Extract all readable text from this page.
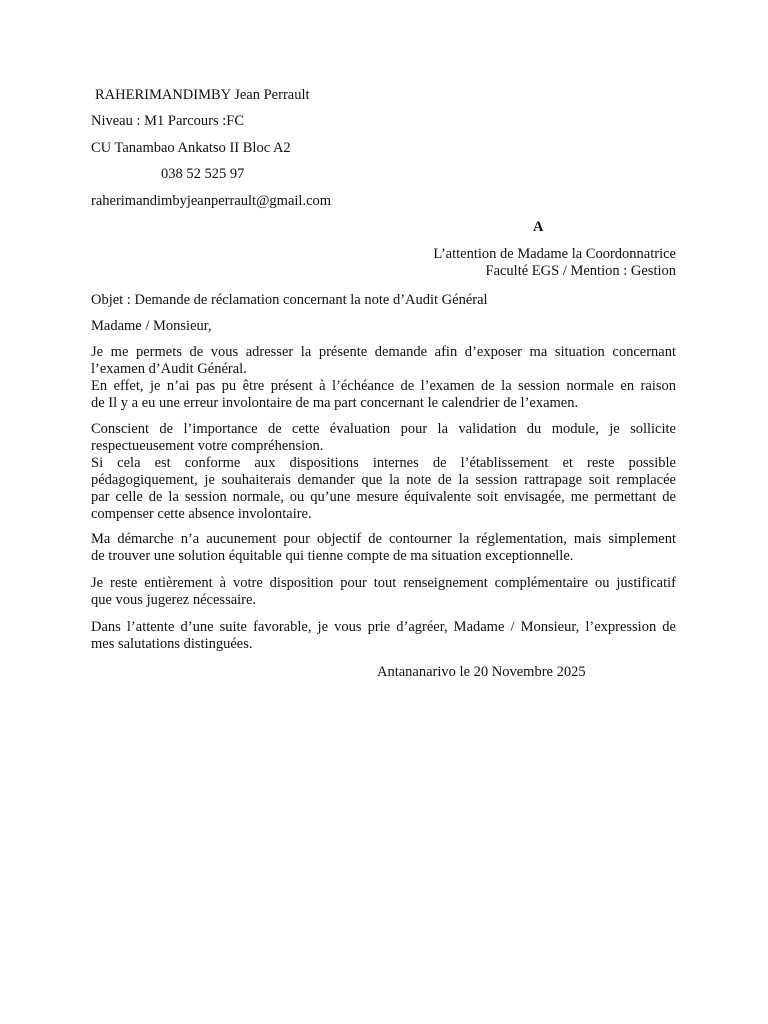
RAHERIMANDIMBY Jean Perrault
Niveau : M1 Parcours :FC
CU Tanambao Ankatso II Bloc A2
038 52 525 97
raherimandimbyjeanperrault@gmail.com
A
L’attention de Madame la Coordonnatrice
Faculté EGS / Mention : Gestion
Objet : Demande de réclamation concernant la note d’Audit Général
Madame / Monsieur,
Je me permets de vous adresser la présente demande afin d’exposer ma situation concernant
l’examen d’Audit Général.
En effet, je n’ai pas pu être présent à l’échéance de l’examen de la session normale en raison
de Il y a eu une erreur involontaire de ma part concernant le calendrier de l’examen.
Conscient de l’importance de cette évaluation pour la validation du module, je sollicite
respectueusement votre compréhension.
Si cela est conforme aux dispositions internes de l’établissement et reste possible
pédagogiquement, je souhaiterais demander que la note de la session rattrapage soit remplacée
par celle de la session normale, ou qu’une mesure équivalente soit envisagée, me permettant de
compenser cette absence involontaire.
Ma démarche n’a aucunement pour objectif de contourner la réglementation, mais simplement
de trouver une solution équitable qui tienne compte de ma situation exceptionnelle.
Je reste entièrement à votre disposition pour tout renseignement complémentaire ou justificatif
que vous jugerez nécessaire.
Dans l’attente d’une suite favorable, je vous prie d’agréer, Madame / Monsieur, l’expression de
mes salutations distinguées.
Antananarivo le 20 Novembre 2025
